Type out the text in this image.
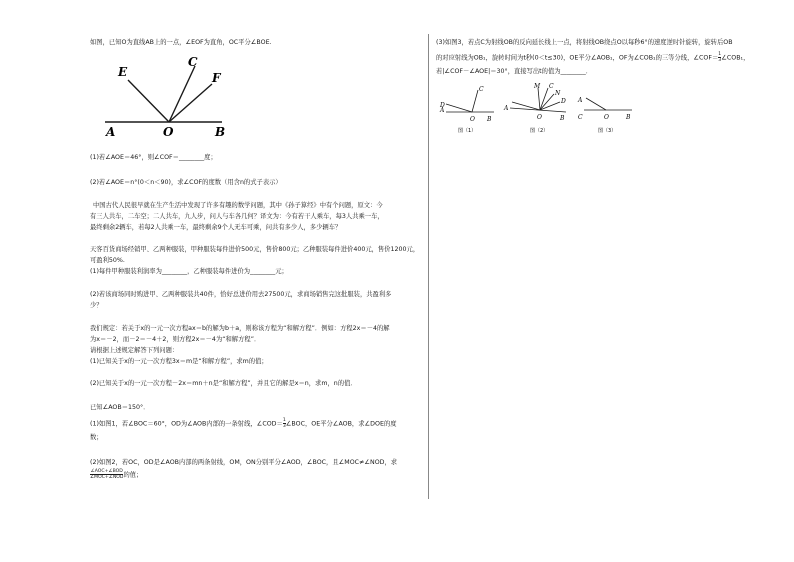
如图，已知O为直线AB上的一点，∠EOF为直角，OC平分∠BOE.
E
C
F
A	O	B
(1)若∠AOE＝46°，则∠COF＝________度；
(2)若∠AOE＝n°(0＜n＜90)，求∠COF的度数（用含n的式子表示）
中国古代人民很早就在生产生活中发现了许多有趣的数学问题，其中《孙子算经》中有个问题，原文：今
有三人共车，二车空；二人共车，九人步，问人与车各几何？译文为：今有若干人乘车，每3人共乘一车，
最终剩余2辆车，若每2人共乘一车，最终剩余9个人无车可乘，问共有多少人，多少辆车？
天客百货商场经销甲、乙两种服装，甲种服装每件进价500元，售价800元；乙种服装每件进价400元，售价1200元，
可盈利50%.
(1)每件甲种服装利润率为________，乙种服装每件进价为________元；
(2)若该商场同时购进甲、乙两种服装共40件，恰好总进价用去27500元，求商场销售完这批服装，共盈利多
少？
我们规定：若关于x的一元一次方程ax＝b的解为b＋a，则称该方程为“和解方程”．例如：方程2x＝－4的解
为x＝－2，而－2＝－4＋2，则方程2x＝－4为“和解方程”．
请根据上述规定解答下列问题：
(1)已知关于x的一元一次方程3x＝m是“和解方程”，求m的值；
(2)已知关于x的一元一次方程－2x＝mn＋n是“和解方程”，并且它的解是x＝n，求m，n的值．
已知∠AOB＝150°．
(1)如图1，若∠BOC＝60°，OD为∠AOB内部的一条射线，∠COD＝ $\frac{1}{3}$ ∠BOC，OE平分∠AOB，求∠DOE的度
数；
(2)如图2，若OC，OD是∠AOB内部的两条射线，OM，ON分别平分∠AOD，∠BOC，且∠MOC≠∠NOD，求
$\frac{\text{∠AOC+∠BOD}}{\text{∠MOC+∠NOD}}$ 的值；
(3)如图3，若点C为射线OB的反向延长线上一点，将射线OB绕点O以每秒6°的速度逆时针旋转，旋转后OB
的对应射线为OB₁，旋转时间为t秒(0＜t≤30)，OE平分∠AOB₁，OF为∠COB₁的三等分线，∠COF＝ $\frac{1}{3}$ ∠COB₁，
若|∠COF－∠AOE|＝30°，直接写出t的值为________．
C
D
A
O B
图（1）
M C
N
D
A
O	B
图（2）
A
C	O	B
图（3）
